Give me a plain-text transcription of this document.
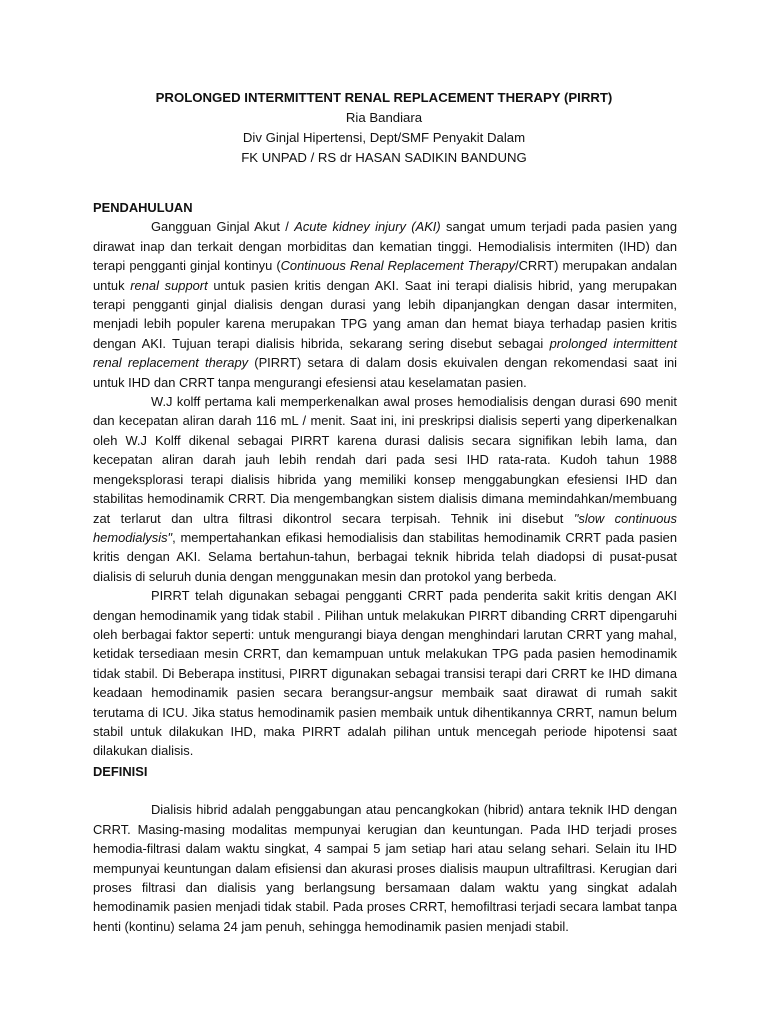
PROLONGED INTERMITTENT RENAL REPLACEMENT THERAPY (PIRRT)
Ria Bandiara
Div Ginjal Hipertensi, Dept/SMF Penyakit Dalam
FK UNPAD / RS dr HASAN SADIKIN BANDUNG

PENDAHULUAN

Gangguan Ginjal Akut / Acute kidney injury (AKI) sangat umum terjadi pada pasien yang dirawat inap dan terkait dengan morbiditas dan kematian tinggi. Hemodialisis intermiten (IHD) dan terapi pengganti ginjal kontinyu (Continuous Renal Replacement Therapy/CRRT) merupakan andalan untuk renal support untuk pasien kritis dengan AKI. Saat ini terapi dialisis hibrid, yang merupakan terapi pengganti ginjal dialisis dengan durasi yang lebih dipanjangkan dengan dasar intermiten, menjadi lebih populer karena merupakan TPG yang aman dan hemat biaya terhadap pasien kritis dengan AKI. Tujuan terapi dialisis hibrida, sekarang sering disebut sebagai prolonged intermittent renal replacement therapy (PIRRT) setara di dalam dosis ekuivalen dengan rekomendasi saat ini untuk IHD dan CRRT tanpa mengurangi efesiensi atau keselamatan pasien.

W.J kolff pertama kali memperkenalkan awal proses hemodialisis dengan durasi 690 menit dan kecepatan aliran darah 116 mL / menit. Saat ini, ini preskripsi dialisis seperti yang diperkenalkan oleh W.J Kolff dikenal sebagai PIRRT karena durasi dalisis secara signifikan lebih lama, dan kecepatan aliran darah jauh lebih rendah dari pada sesi IHD rata-rata. Kudoh tahun 1988 mengeksplorasi terapi dialisis hibrida yang memiliki konsep menggabungkan efesiensi IHD dan stabilitas hemodinamik CRRT. Dia mengembangkan sistem dialisis dimana memindahkan/membuang zat terlarut dan ultra filtrasi dikontrol secara terpisah. Tehnik ini disebut "slow continuous hemodialysis", mempertahankan efikasi hemodialisis dan stabilitas hemodinamik CRRT pada pasien kritis dengan AKI. Selama bertahun-tahun, berbagai teknik hibrida telah diadopsi di pusat-pusat dialisis di seluruh dunia dengan menggunakan mesin dan protokol yang berbeda.

PIRRT telah digunakan sebagai pengganti CRRT pada penderita sakit kritis dengan AKI dengan hemodinamik yang tidak stabil . Pilihan untuk melakukan PIRRT dibanding CRRT dipengaruhi oleh berbagai faktor seperti: untuk mengurangi biaya dengan menghindari larutan CRRT yang mahal, ketidak tersediaan mesin CRRT, dan kemampuan untuk melakukan TPG pada pasien hemodinamik tidak stabil. Di Beberapa institusi, PIRRT digunakan sebagai transisi terapi dari CRRT ke IHD dimana keadaan hemodinamik pasien secara berangsur-angsur membaik saat dirawat di rumah sakit terutama di ICU. Jika status hemodinamik pasien membaik untuk dihentikannya CRRT, namun belum stabil untuk dilakukan IHD, maka PIRRT adalah pilihan untuk mencegah periode hipotensi saat dilakukan dialisis.

DEFINISI

Dialisis hibrid adalah penggabungan atau pencangkokan (hibrid) antara teknik IHD dengan CRRT. Masing-masing modalitas mempunyai kerugian dan keuntungan. Pada IHD terjadi proses hemodia-filtrasi dalam waktu singkat, 4 sampai 5 jam setiap hari atau selang sehari. Selain itu IHD mempunyai keuntungan dalam efisiensi dan akurasi proses dialisis maupun ultrafiltrasi. Kerugian dari proses filtrasi dan dialisis yang berlangsung bersamaan dalam waktu yang singkat adalah hemodinamik pasien menjadi tidak stabil. Pada proses CRRT, hemofiltrasi terjadi secara lambat tanpa henti (kontinu) selama 24 jam penuh, sehingga hemodinamik pasien menjadi stabil.
